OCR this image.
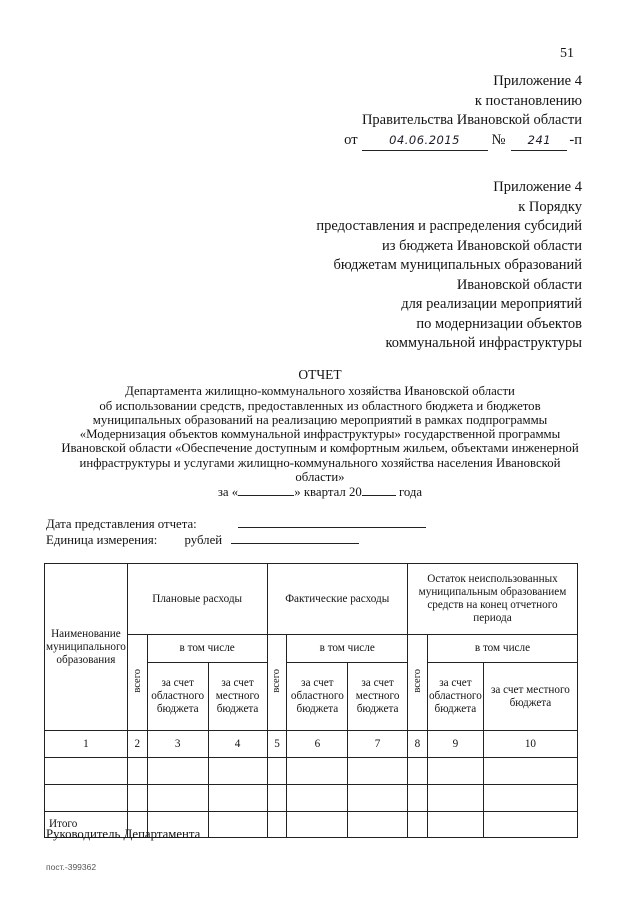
51
Приложение 4
к постановлению
Правительства Ивановской области
от	04.06.2015	№	241	-п
Приложение 4
к Порядку
предоставления и распределения субсидий
из бюджета Ивановской области
бюджетам муниципальных образований
Ивановской области
для реализации мероприятий
по модернизации объектов
коммунальной инфраструктуры
ОТЧЕТ
Департамента жилищно-коммунального хозяйства Ивановской области
об использовании средств, предоставленных из областного бюджета и бюджетов
муниципальных образований на реализацию мероприятий в рамках подпрограммы
«Модернизация объектов коммунальной инфраструктуры» государственной программы
Ивановской области «Обеспечение доступным и комфортным жильем, объектами инженерной
инфраструктуры и услугами жилищно-коммунального хозяйства населения Ивановской
области»
за «	» квартал 20	года
Дата представления отчета:
Единица измерения: рублей
Наименование муниципального образования	Плановые расходы			Фактические расходы			Остаток неиспользованных муниципальным образованием средств на конец отчетного периода		
	всего	в том числе		всего	в том числе		всего	в том числе	
		за счет областного бюджета	за счет местного бюджета		за счет областного бюджета	за счет местного бюджета		за счет областного бюджета	за счет местного бюджета
1	2	3	4	5	6	7	8	9	10

Итого									
Руководитель Департамента
пост.-399362
